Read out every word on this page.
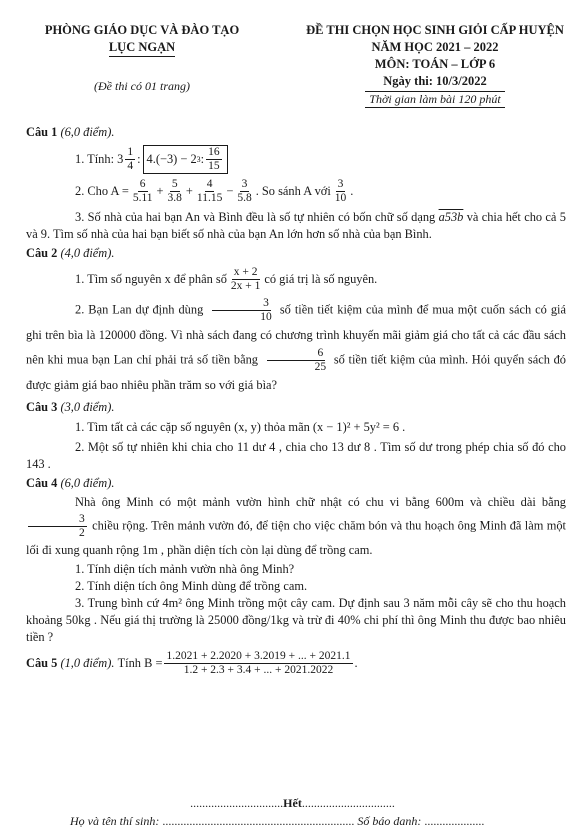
PHÒNG GIÁO DỤC VÀ ĐÀO TẠO
LỤC NGẠN
(Đề thi có 01 trang)
ĐỀ THI CHỌN HỌC SINH GIỎI CẤP HUYỆN
NĂM HỌC 2021 – 2022
MÔN: TOÁN – LỚP 6
Ngày thi: 10/3/2022
Thời gian làm bài 120 phút
Câu 1 (6,0 điểm).
1. Tính:
$3 \frac{1}{4}$ : 4.(−3) − 2 3 : $\frac{16}{15}$
2. Cho $A = \frac{6}{5.11} + \frac{5}{3.8} + \frac{4}{11.15} - \frac{3}{5.8}$ . So sánh A với $\frac{3}{10}$ .

3. Số nhà của hai bạn An và Bình đều là số tự nhiên có bốn chữ số dạng a53b và chia hết cho cả 5 và 9. Tìm số nhà của hai bạn biết số nhà của bạn An lớn hơn số nhà của bạn Bình.

Câu 2 (4,0 điểm).
1. Tìm số nguyên x để phân số $\frac{x + 2}{2x + 1}$ có giá trị là số nguyên.

2. Bạn Lan dự định dùng $\frac{3}{10}$ số tiền tiết kiệm của mình để mua một cuốn sách có giá ghi trên bìa là 120000 đồng. Vì nhà sách đang có chương trình khuyến mãi giảm giá cho tất cả các đầu sách nên khi mua bạn Lan chỉ phải trả số tiền bằng $\frac{6}{25}$ số tiền tiết kiệm của mình. Hỏi quyển sách đó được giảm giá bao nhiêu phần trăm so với giá bìa?

Câu 3 (3,0 điểm).

1. Tìm tất cả các cặp số nguyên (x, y) thỏa mãn (x − 1)² + 5y² = 6 .

2. Một số tự nhiên khi chia cho 11 dư 4 , chia cho 13 dư 8 . Tìm số dư trong phép chia số đó cho 143 .

Câu 4 (6,0 điểm).

Nhà ông Minh có một mảnh vườn hình chữ nhật có chu vi bằng 600m và chiều dài bằng
$\frac{3}{2}$ chiều rộng. Trên mảnh vườn đó, để tiện cho việc chăm bón và thu hoạch ông Minh đã làm một lối đi xung quanh rộng 1m , phần diện tích còn lại dùng để trồng cam.

1. Tính diện tích mảnh vườn nhà ông Minh?

2. Tính diện tích ông Minh dùng để trồng cam.

3. Trung bình cứ 4m² ông Minh trồng một cây cam. Dự định sau 3 năm mỗi cây sẽ cho thu hoạch khoảng 50kg . Nếu giá thị trường là 25000 đồng/1kg và trừ đi 40% chi phí thì ông Minh thu được bao nhiêu tiền ?

Câu 5
(1,0 điểm).
Tính $B = \frac{1.2021 + 2.2020 + 3.2019 + ... + 2021.1}{1.2 + 2.3 + 3.4 + ... + 2021.2022}$ .
...............................Hết...............................
Họ và tên thí sinh: ................................................................ Số báo danh: ....................
